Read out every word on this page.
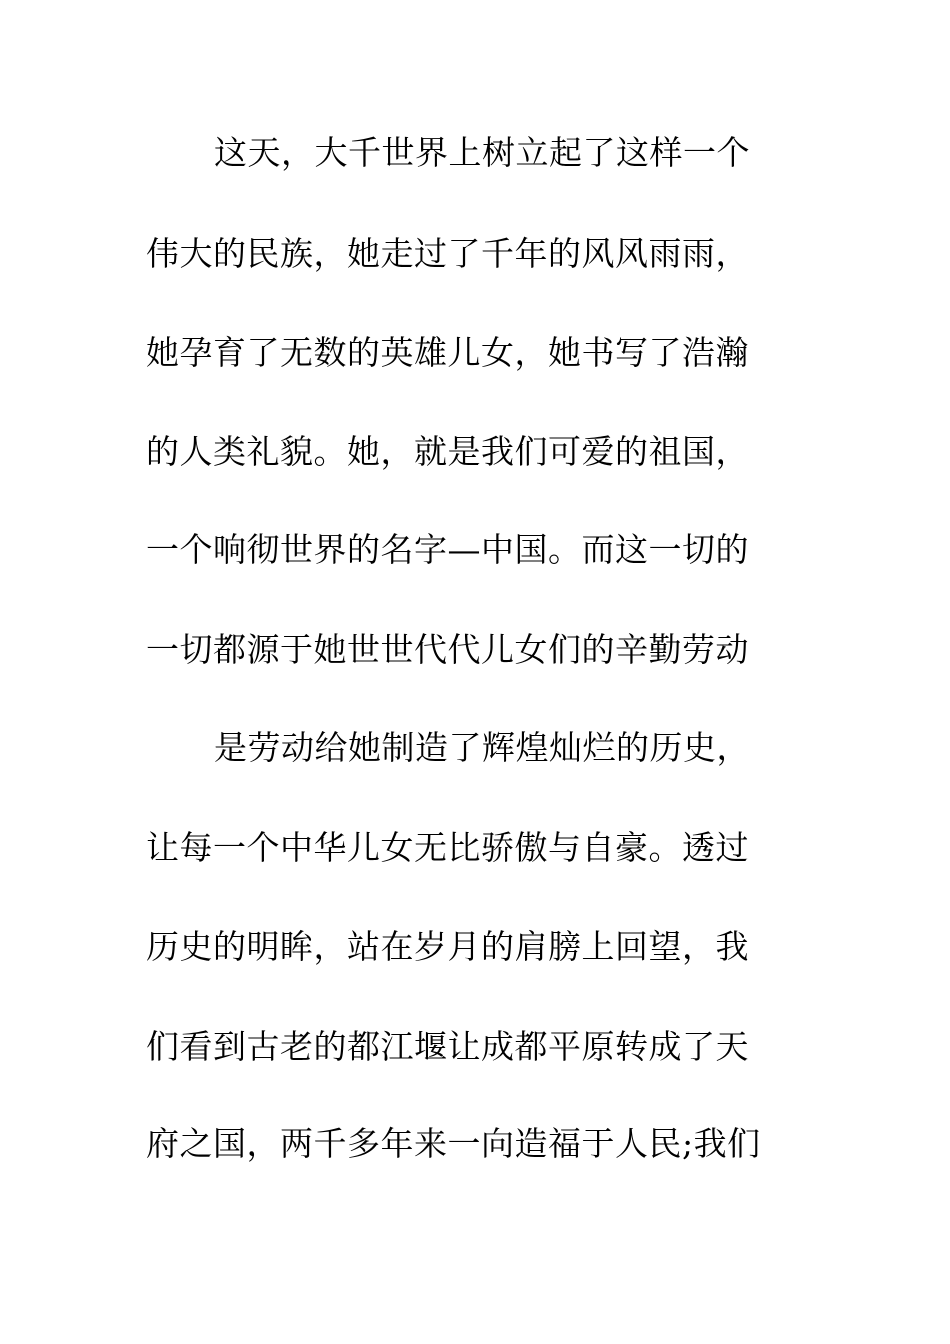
这天，大千世界上树立起了这样一个
伟大的民族，她走过了千年的风风雨雨，
她孕育了无数的英雄儿女，她书写了浩瀚
的人类礼貌。她，就是我们可爱的祖国，
一个响彻世界的名字—中国。而这一切的
一切都源于她世世代代儿女们的辛勤劳动
是劳动给她制造了辉煌灿烂的历史，
让每一个中华儿女无比骄傲与自豪。透过
历史的明眸，站在岁月的肩膀上回望，我
们看到古老的都江堰让成都平原转成了天
府之国，两千多年来一向造福于人民;我们
